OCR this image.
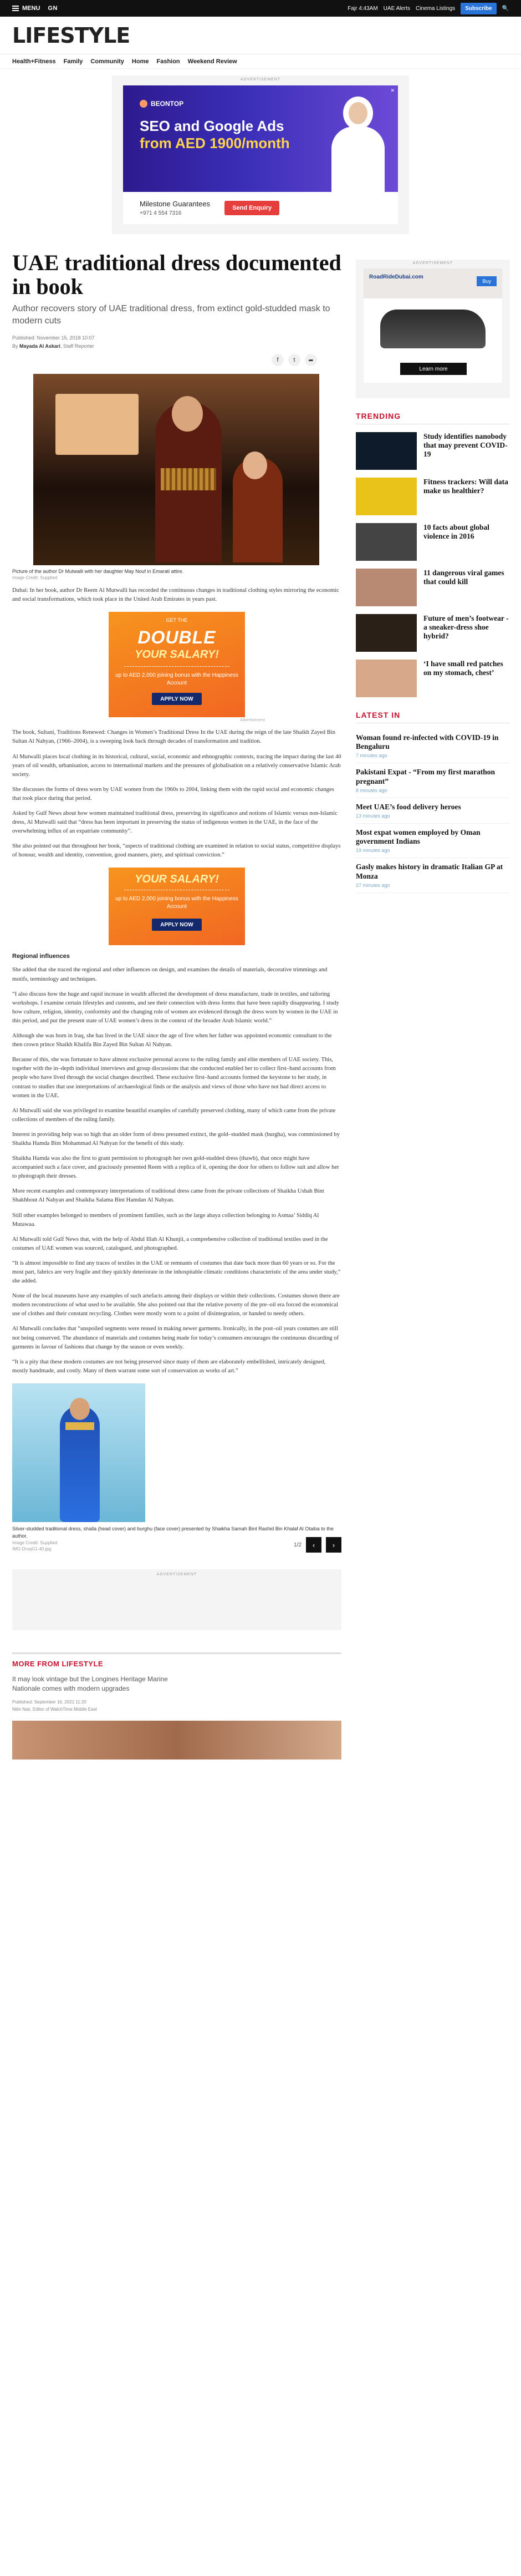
MENU GN	Fajr 4:43AM UAE Alerts Cinema Listings	Subscribe	🔍
LIFESTYLE
Health+Fitness Family Community Home Fashion Weekend Review
ADVERTISEMENT
✕
BEONTOP
SEO and Google Ads
from AED 1900/month
Milestone Guarantees
+971 4 554 7316
Send Enquiry
UAE traditional dress documented in book
Author recovers story of UAE traditional dress, from extinct gold-studded mask to modern cuts
Published: November 15, 2018 10:07
By Mayada Al Askari, Staff Reporter
f	t	➦
Picture of the author Dr Mutwalli with her daughter May Nouf in Emarati attire.
Image Credit: Supplied

Dubai: In her book, author Dr Reem Al Mutwalli has recorded the continuous changes in traditional clothing styles mirroring the economic and social transformations, which took place in the United Arab Emirates in years past.

GET THE
DOUBLE
YOUR SALARY!
up to AED 2,000 joining bonus with the Happiness Account
APPLY NOW
Advertisement

The book, Sultani, Traditions Renewed: Changes in Women’s Traditional Dress In the UAE during the reign of the late Shaikh Zayed Bin Sultan Al Nahyan, (1966–2004), is a sweeping look back through decades of transformation and tradition.

Al Mutwalli places local clothing in its historical, cultural, social, economic and ethnographic contexts, tracing the impact during the last 40 years of oil wealth, urbanisation, access to international markets and the pressures of globalisation on a relatively conservative Islamic Arab society.

She discusses the forms of dress worn by UAE women from the 1960s to 2004, linking them with the rapid social and economic changes that took place during that period.

Asked by Gulf News about how women maintained traditional dress, preserving its significance and notions of Islamic versus non-Islamic dress, Al Mutwalli said that “dress has been important in preserving the status of indigenous women in the UAE, in the face of the overwhelming influx of an expatriate community”.

She also pointed out that throughout her book, “aspects of traditional clothing are examined in relation to social status, competitive displays of honour, wealth and identity, convention, good manners, piety, and spiritual conviction.”

YOUR SALARY!
up to AED 2,000 joining bonus with the Happiness Account
APPLY NOW
Regional influences

She added that she traced the regional and other influences on design, and examines the details of materials, decorative trimmings and motifs, terminology and techniques.

“I also discuss how the huge and rapid increase in wealth affected the development of dress manufacture, trade in textiles, and tailoring workshops. I examine certain lifestyles and customs, and see their connection with dress forms that have been rapidly disappearing. I study how culture, religion, identity, conformity and the changing role of women are evidenced through the dress worn by women in the UAE in this period, and put the present state of UAE women’s dress in the context of the broader Arab Islamic world.”

Although she was born in Iraq, she has lived in the UAE since the age of five when her father was appointed economic consultant to the then crown prince Shaikh Khalifa Bin Zayed Bin Sultan Al Nahyan.

Because of this, she was fortunate to have almost exclusive personal access to the ruling family and elite members of UAE society. This, together with the in–depth individual interviews and group discussions that she conducted enabled her to collect first–hand accounts from people who have lived through the social changes described. These exclusive first–hand accounts formed the keystone to her study, in contrast to studies that use interpretations of archaeological finds or the analysis and views of those who have not had direct access to women in the UAE.

Al Mutwalli said she was privileged to examine beautiful examples of carefully preserved clothing, many of which came from the private collections of members of the ruling family.

Interest in providing help was so high that an older form of dress presumed extinct, the gold–studded mask (burgha), was commissioned by Shaikha Hamda Bint Mohammad Al Nahyan for the benefit of this study.

Shaikha Hamda was also the first to grant permission to photograph her own gold-studded dress (thawb), that once might have accompanied such a face cover, and graciously presented Reem with a replica of it, opening the door for others to follow suit and allow her to photograph their dresses.

More recent examples and contemporary interpretations of traditional dress came from the private collections of Shaikha Ushah Bint Shakhbout Al Nahyan and Shaikha Salama Bint Hamdan Al Nahyan.

Still other examples belonged to members of prominent families, such as the large abaya collection belonging to Asmaa’ Siddiq Al Mutawaa.

Al Mutwalli told Gulf News that, with the help of Abdul Illah Al Khunjii, a comprehensive collection of traditional textiles used in the costumes of UAE women was sourced, catalogued, and photographed.

“It is almost impossible to find any traces of textiles in the UAE or remnants of costumes that date back more than 60 years or so. For the most part, fabrics are very fragile and they quickly deteriorate in the inhospitable climatic conditions characteristic of the area under study,” she added.

None of the local museums have any examples of such artefacts among their displays or within their collections. Costumes shown there are modern reconstructions of what used to be available. She also pointed out that the relative poverty of the pre–oil era forced the economical use of clothes and their constant recycling. Clothes were mostly worn to a point of disintegration, or handed to needy others.

Al Mutwalli concludes that “unspoiled segments were reused in making newer garments. Ironically, in the post–oil years costumes are still not being conserved. The abundance of materials and costumes being made for today’s consumers encourages the continuous discarding of garments in favour of fashions that change by the season or even weekly.

“It is a pity that these modern costumes are not being preserved since many of them are elaborately embellished, intricately designed, mostly handmade, and costly. Many of them warrant some sort of conservation as works of art.”

Silver-studded traditional dress, shalla (head cover) and burghu (face cover) presented by Shaikha Samah Bint Rashid Bin Khalaf Al Otaiba to the author.
Image Credit: Supplied
IMG-DruqG1-40.jpg
1/2	‹	›
ADVERTISEMENT
MORE FROM LIFESTYLE
It may look vintage but the Longines Heritage Marine Nationale comes with modern upgrades
Published: September 16, 2021 11:20
Nitin Nair, Editor of WatchTime Middle East
ADVERTISEMENT
RoadRideDubai.com
Buy
Learn more
TRENDING
Study identifies nanobody that may prevent COVID-19
Fitness trackers: Will data make us healthier?
10 facts about global violence in 2016
11 dangerous viral games that could kill
Future of men’s footwear - a sneaker-dress shoe hybrid?
‘I have small red patches on my stomach, chest’
LATEST IN
Woman found re-infected with COVID-19 in Bengaluru
7 minutes ago
Pakistani Expat - “From my first marathon pregnant”
8 minutes ago
Meet UAE’s food delivery heroes
13 minutes ago
Most expat women employed by Oman government Indians
19 minutes ago
Gasly makes history in dramatic Italian GP at Monza
27 minutes ago
